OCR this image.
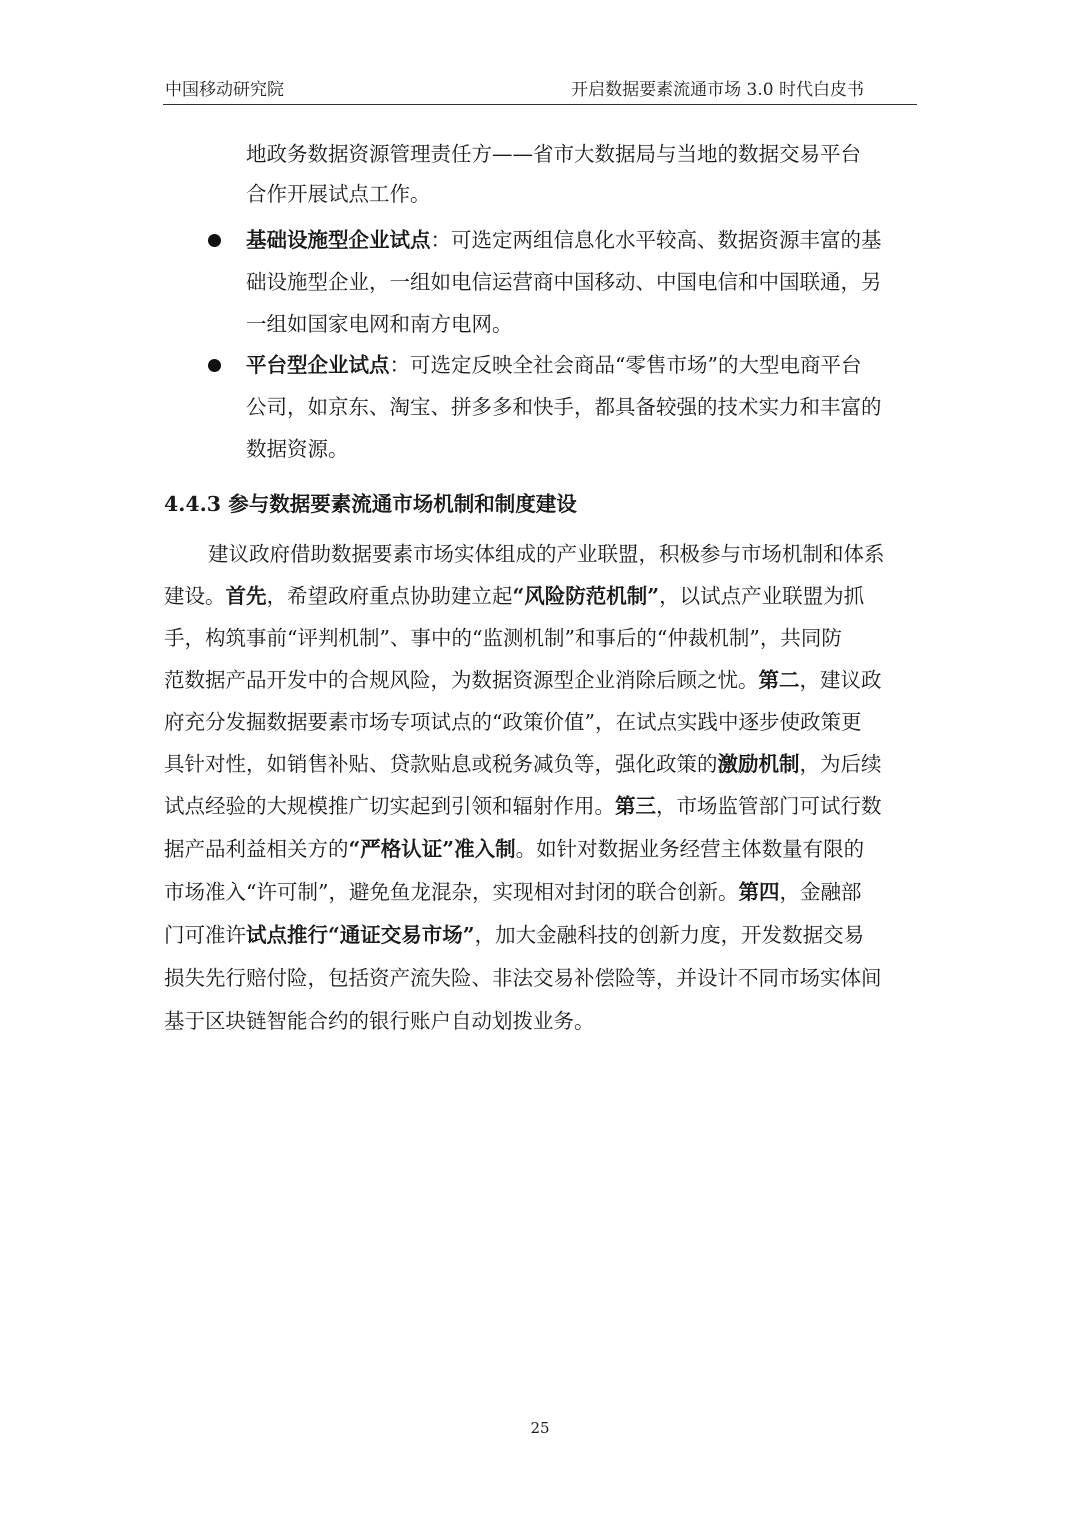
中国移动研究院	开启数据要素流通市场 3.0 时代白皮书
地政务数据资源管理责任方——省市大数据局与当地的数据交易平台
合作开展试点工作。
基础设施型企业试点：可选定两组信息化水平较高、数据资源丰富的基
础设施型企业，一组如电信运营商中国移动、中国电信和中国联通，另
一组如国家电网和南方电网。
平台型企业试点：可选定反映全社会商品“零售市场”的大型电商平台
公司，如京东、淘宝、拼多多和快手，都具备较强的技术实力和丰富的
数据资源。
4.4.3 参与数据要素流通市场机制和制度建设
建议政府借助数据要素市场实体组成的产业联盟，积极参与市场机制和体系
建设。首先，希望政府重点协助建立起“风险防范机制”，以试点产业联盟为抓
手，构筑事前“评判机制”、事中的“监测机制”和事后的“仲裁机制”，共同防
范数据产品开发中的合规风险，为数据资源型企业消除后顾之忧。第二，建议政
府充分发掘数据要素市场专项试点的“政策价值”，在试点实践中逐步使政策更
具针对性，如销售补贴、贷款贴息或税务减负等，强化政策的激励机制，为后续
试点经验的大规模推广切实起到引领和辐射作用。第三，市场监管部门可试行数
据产品利益相关方的“严格认证”准入制。如针对数据业务经营主体数量有限的
市场准入“许可制”，避免鱼龙混杂，实现相对封闭的联合创新。第四，金融部
门可准许试点推行“通证交易市场”，加大金融科技的创新力度，开发数据交易
损失先行赔付险，包括资产流失险、非法交易补偿险等，并设计不同市场实体间
基于区块链智能合约的银行账户自动划拨业务。
25
